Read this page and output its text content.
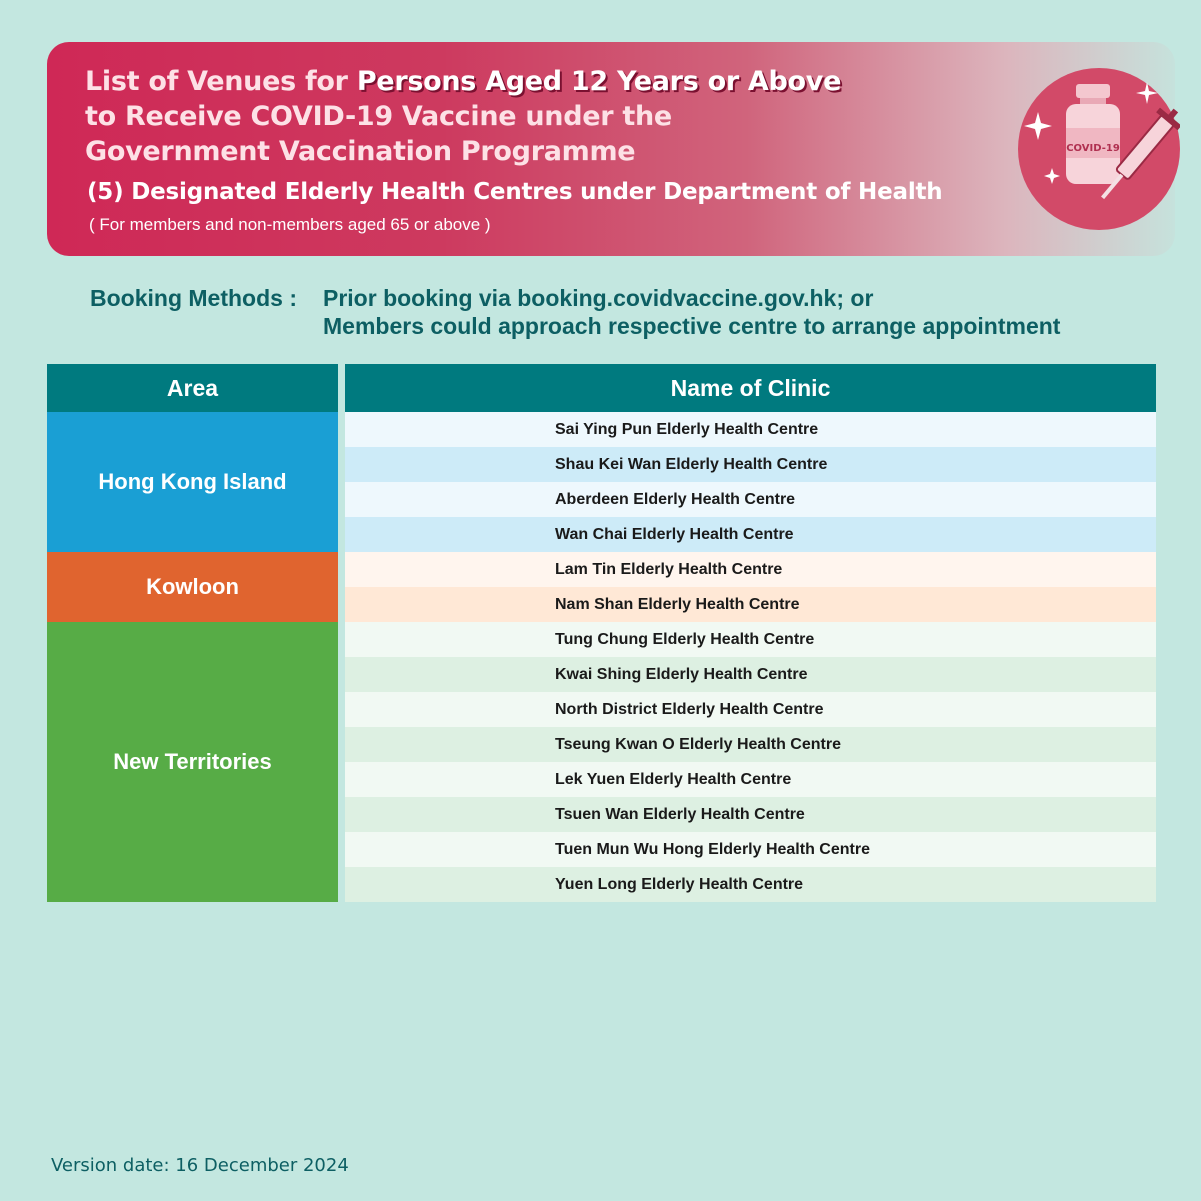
List of Venues for Persons Aged 12 Years or Above
to Receive COVID-19 Vaccine under the
Government Vaccination Programme
(5) Designated Elderly Health Centres under Department of Health
( For members and non-members aged 65 or above )
COVID-19
Booking Methods : Prior booking via booking.covidvaccine.gov.hk; or
Members could approach respective centre to arrange appointment
Area	Name of Clinic
Hong Kong Island
Kowloon
New Territories
Sai Ying Pun Elderly Health Centre
Shau Kei Wan Elderly Health Centre
Aberdeen Elderly Health Centre
Wan Chai Elderly Health Centre
Lam Tin Elderly Health Centre
Nam Shan Elderly Health Centre
Tung Chung Elderly Health Centre
Kwai Shing Elderly Health Centre
North District Elderly Health Centre
Tseung Kwan O Elderly Health Centre
Lek Yuen Elderly Health Centre
Tsuen Wan Elderly Health Centre
Tuen Mun Wu Hong Elderly Health Centre
Yuen Long Elderly Health Centre
Version date: 16 December 2024
